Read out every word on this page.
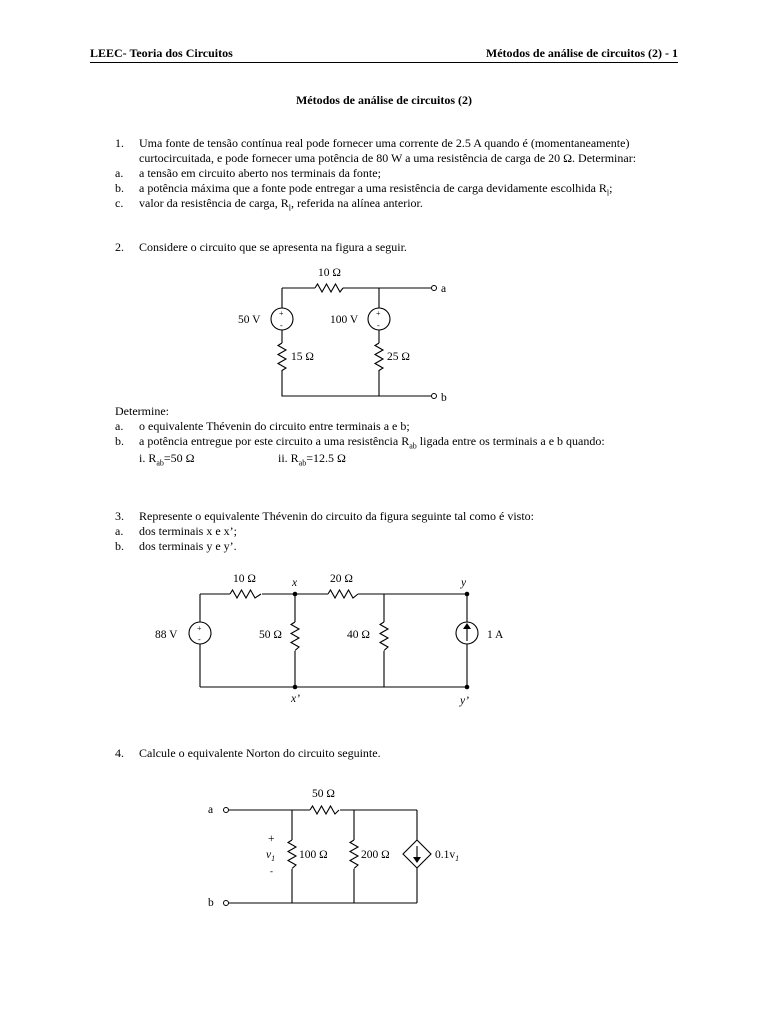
LEEC- Teoria dos Circuitos	Métodos de análise de circuitos (2) - 1
Métodos de análise de circuitos (2)
1. Uma fonte de tensão contínua real pode fornecer uma corrente de 2.5 A quando é (momentaneamente)
curtocircuitada, e pode fornecer uma potência de 80 W a uma resistência de carga de 20 Ω. Determinar:
a. a tensão em circuito aberto nos terminais da fonte;
b. a potência máxima que a fonte pode entregar a uma resistência de carga devidamente escolhida $R_l$;
c. valor da resistência de carga, $R_l$, referida na alínea anterior.
2. Considere o circuito que se apresenta na figura a seguir.
+
-
+
-
10 Ω
50 V	100 V
15 Ω	25 Ω
a
b
Determine:
a. o equivalente Thévenin do circuito entre terminais a e b;
b. a potência entregue por este circuito a uma resistência $R_{ab}$ ligada entre os terminais a e b quando:
i. $R_{ab}=50$ Ω	ii. $R_{ab}=12.5$ Ω
3. Represente o equivalente Thévenin do circuito da figura seguinte tal como é visto:
a. dos terminais x e x’;
b. dos terminais y e y’.
+
-
10 Ω	20 Ω
x	y
88 V	50 Ω	40 Ω	1 A
x’	y’
4. Calcule o equivalente Norton do circuito seguinte.
50 Ω
a
b
+
$v_1$
-
100 Ω	200 Ω	$0.1v_1$
